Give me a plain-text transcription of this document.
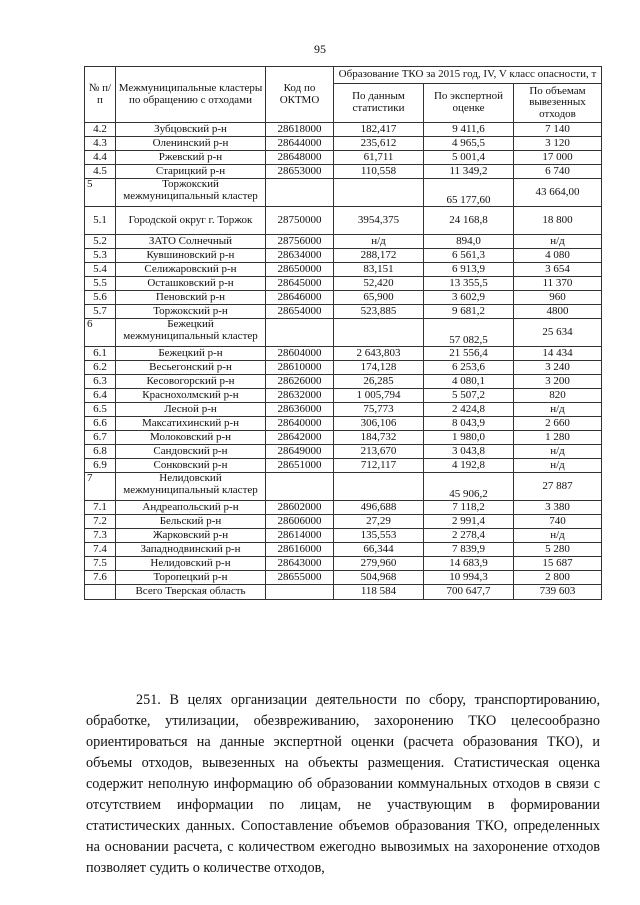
95
№ п/п	Межмуниципальные кластеры по обращению с отходами	Код по ОКТМО	Образование ТКО за 2015 год, IV, V класс опасности, т		
			По данным статистики	По экспертной оценке	По объемам вывезенных отходов
4.2	Зубцовский р-н	28618000	182,417	9 411,6	7 140
4.3	Оленинский р-н	28644000	235,612	4 965,5	3 120
4.4	Ржевский р-н	28648000	61,711	5 001,4	17 000
4.5	Старицкий р-н	28653000	110,558	11 349,2	6 740
5	Торжокский межмуниципальный кластер			65 177,60	43 664,00
5.1	Городской округ г. Торжок	28750000	3954,375	24 168,8	18 800
5.2	ЗАТО Солнечный	28756000	н/д	894,0	н/д
5.3	Кувшиновский р-н	28634000	288,172	6 561,3	4 080
5.4	Селижаровский р-н	28650000	83,151	6 913,9	3 654
5.5	Осташковский р-н	28645000	52,420	13 355,5	11 370
5.6	Пеновский р-н	28646000	65,900	3 602,9	960
5.7	Торжокский р-н	28654000	523,885	9 681,2	4800
6	Бежецкий межмуниципальный кластер			57 082,5	25 634
6.1	Бежецкий р-н	28604000	2 643,803	21 556,4	14 434
6.2	Весьегонский р-н	28610000	174,128	6 253,6	3 240
6.3	Кесовогорский р-н	28626000	26,285	4 080,1	3 200
6.4	Краснохолмский р-н	28632000	1 005,794	5 507,2	820
6.5	Лесной р-н	28636000	75,773	2 424,8	н/д
6.6	Максатихинский р-н	28640000	306,106	8 043,9	2 660
6.7	Молоковский р-н	28642000	184,732	1 980,0	1 280
6.8	Сандовский р-н	28649000	213,670	3 043,8	н/д
6.9	Сонковский р-н	28651000	712,117	4 192,8	н/д
7	Нелидовский межмуниципальный кластер			45 906,2	27 887
7.1	Андреапольский р-н	28602000	496,688	7 118,2	3 380
7.2	Бельский р-н	28606000	27,29	2 991,4	740
7.3	Жарковский р-н	28614000	135,553	2 278,4	н/д
7.4	Западнодвинский р-н	28616000	66,344	7 839,9	5 280
7.5	Нелидовский р-н	28643000	279,960	14 683,9	15 687
7.6	Торопецкий р-н	28655000	504,968	10 994,3	2 800
	Всего Тверская область		118 584	700 647,7	739 603

251. В целях организации деятельности по сбору, транспортированию, обработке, утилизации, обезвреживанию, захоронению ТКО целесообразно ориентироваться на данные экспертной оценки (расчета образования ТКО), и объемы отходов, вывезенных на объекты размещения. Статистическая оценка содержит неполную информацию об образовании коммунальных отходов в связи с отсутствием информации по лицам, не участвующим в формировании статистических данных. Сопоставление объемов образования ТКО, определенных на основании расчета, с количеством ежегодно вывозимых на захоронение отходов позволяет судить о количестве отходов,
